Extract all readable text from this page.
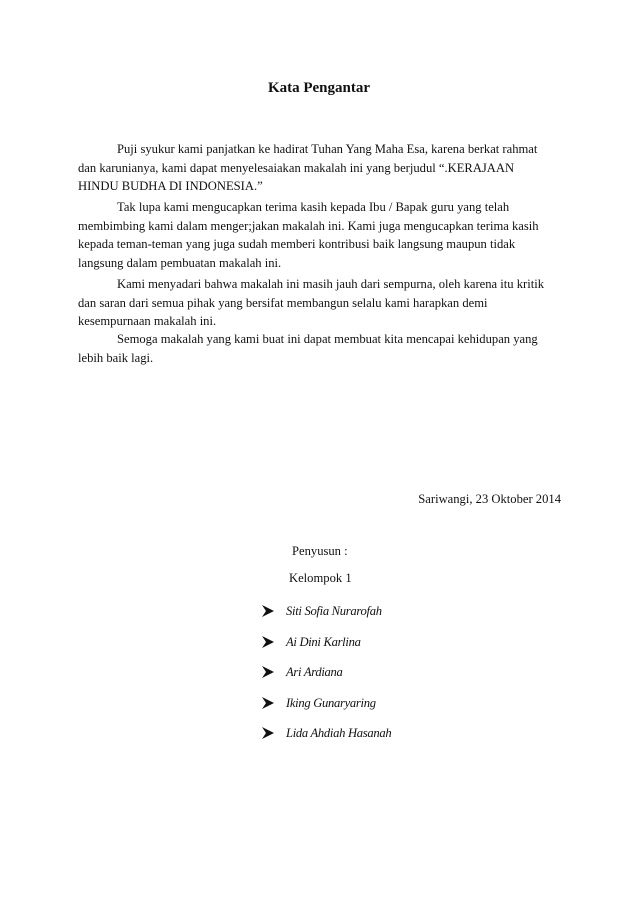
Kata Pengantar

Puji syukur kami panjatkan ke hadirat Tuhan Yang Maha Esa, karena berkat rahmat
dan karunianya, kami dapat menyelesaiakan makalah ini yang berjudul “.KERAJAAN
HINDU BUDHA DI INDONESIA.”

Tak lupa kami mengucapkan terima kasih kepada Ibu / Bapak guru yang telah
membimbing kami dalam menger;jakan makalah ini. Kami juga mengucapkan terima kasih
kepada teman-teman yang juga sudah memberi kontribusi baik langsung maupun tidak
langsung dalam pembuatan makalah ini.

Kami menyadari bahwa makalah ini masih jauh dari sempurna, oleh karena itu kritik
dan saran dari semua pihak yang bersifat membangun selalu kami harapkan demi
kesempurnaan makalah ini.

Semoga makalah yang kami buat ini dapat membuat kita mencapai kehidupan yang
lebih baik lagi.

Sariwangi, 23 Oktober 2014
Penyusun :
Kelompok 1
Siti Sofia Nurarofah
Ai Dini Karlina
Ari Ardiana
Iking Gunaryaring
Lida Ahdiah Hasanah
